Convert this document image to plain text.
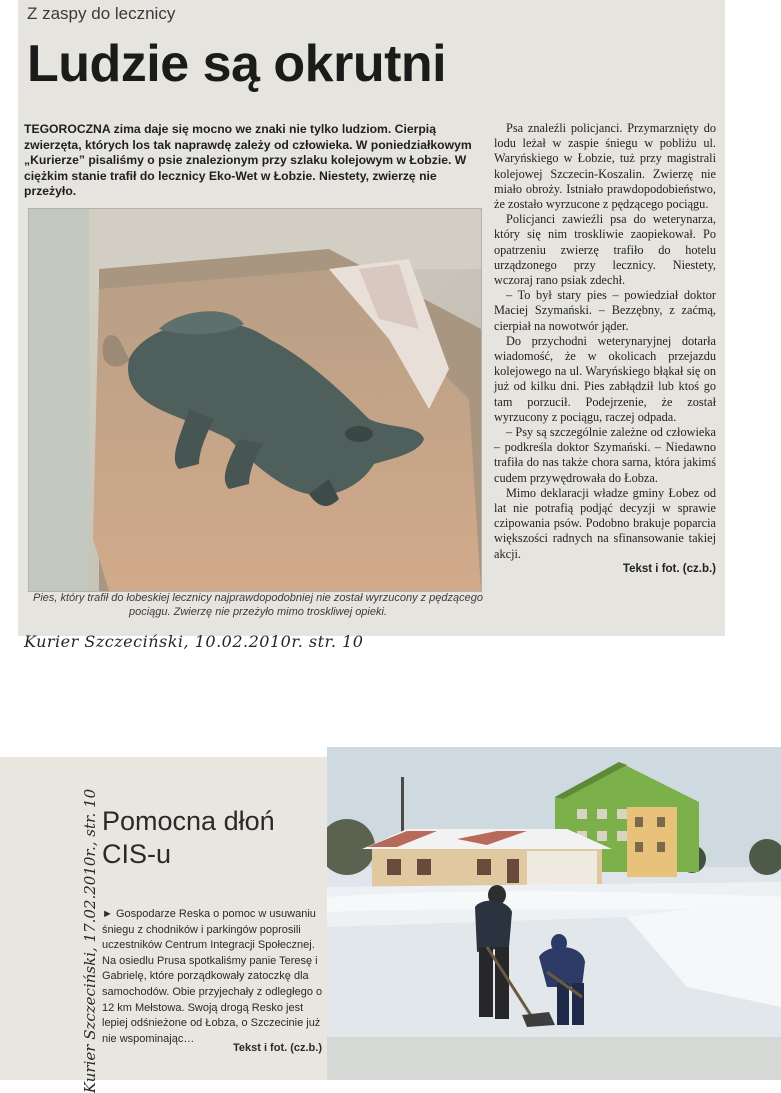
Z zaspy do lecznicy
Ludzie są okrutni
TEGOROCZNA zima daje się mocno we znaki nie tylko ludziom. Cierpią zwierzęta, których los tak naprawdę zależy od człowieka. W poniedziałkowym „Kurierze” pisaliśmy o psie znalezionym przy szlaku kolejowym w Łobzie. W ciężkim stanie trafił do lecznicy Eko-Wet w Łobzie. Niestety, zwierzę nie przeżyło.
Pies, który trafił do łobeskiej lecznicy najprawdopodobniej nie został wyrzucony z pędzącego pociągu. Zwierzę nie przeżyło mimo troskliwej opieki.

Psa znaleźli policjanci. Przymarznięty do lodu leżał w zaspie śniegu w pobliżu ul. Waryńskiego w Łobzie, tuż przy magistrali kolejowej Szczecin-Koszalin. Zwierzę nie miało obroży. Istniało prawdopodobieństwo, że zostało wyrzucone z pędzącego pociągu.

Policjanci zawieźli psa do weterynarza, który się nim troskliwie zaopiekował. Po opatrzeniu zwierzę trafiło do hotelu urządzonego przy lecznicy. Niestety, wczoraj rano psiak zdechł.

– To był stary pies – powiedział doktor Maciej Szymański. – Bezzębny, z zaćmą, cierpiał na nowotwór jąder.

Do przychodni weterynaryjnej dotarła wiadomość, że w okolicach przejazdu kolejowego na ul. Waryńskiego błąkał się on już od kilku dni. Pies zabłądził lub ktoś go tam porzucił. Podejrzenie, że został wyrzucony z pociągu, raczej odpada.

– Psy są szczególnie zależne od człowieka – podkreśla doktor Szymański. – Niedawno trafiła do nas także chora sarna, która jakimś cudem przywędrowała do Łobza.

Mimo deklaracji władze gminy Łobez od lat nie potrafią podjąć decyzji w sprawie czipowania psów. Podobno brakuje poparcia większości radnych na sfinansowanie takiej akcji.

Tekst i fot. (cz.b.)

Kurier Szczeciński, 10.02.2010r. str. 10
Pomocna dłoń
CIS-u
► Gospodarze Reska o pomoc w usuwaniu śniegu z chodników i parkingów poprosili uczestników Centrum Integracji Społecznej. Na osiedlu Prusa spotkaliśmy panie Teresę i Gabrielę, które porządkowały zatoczkę dla samochodów. Obie przyjechały z odległego o 12 km Mełstowa. Swoją drogą Resko jest lepiej odśnieżone od Łobza, o Szczecinie już nie wspominając…
Tekst i fot. (cz.b.)
Kurier Szczeciński, 17.02.2010r., str. 10
